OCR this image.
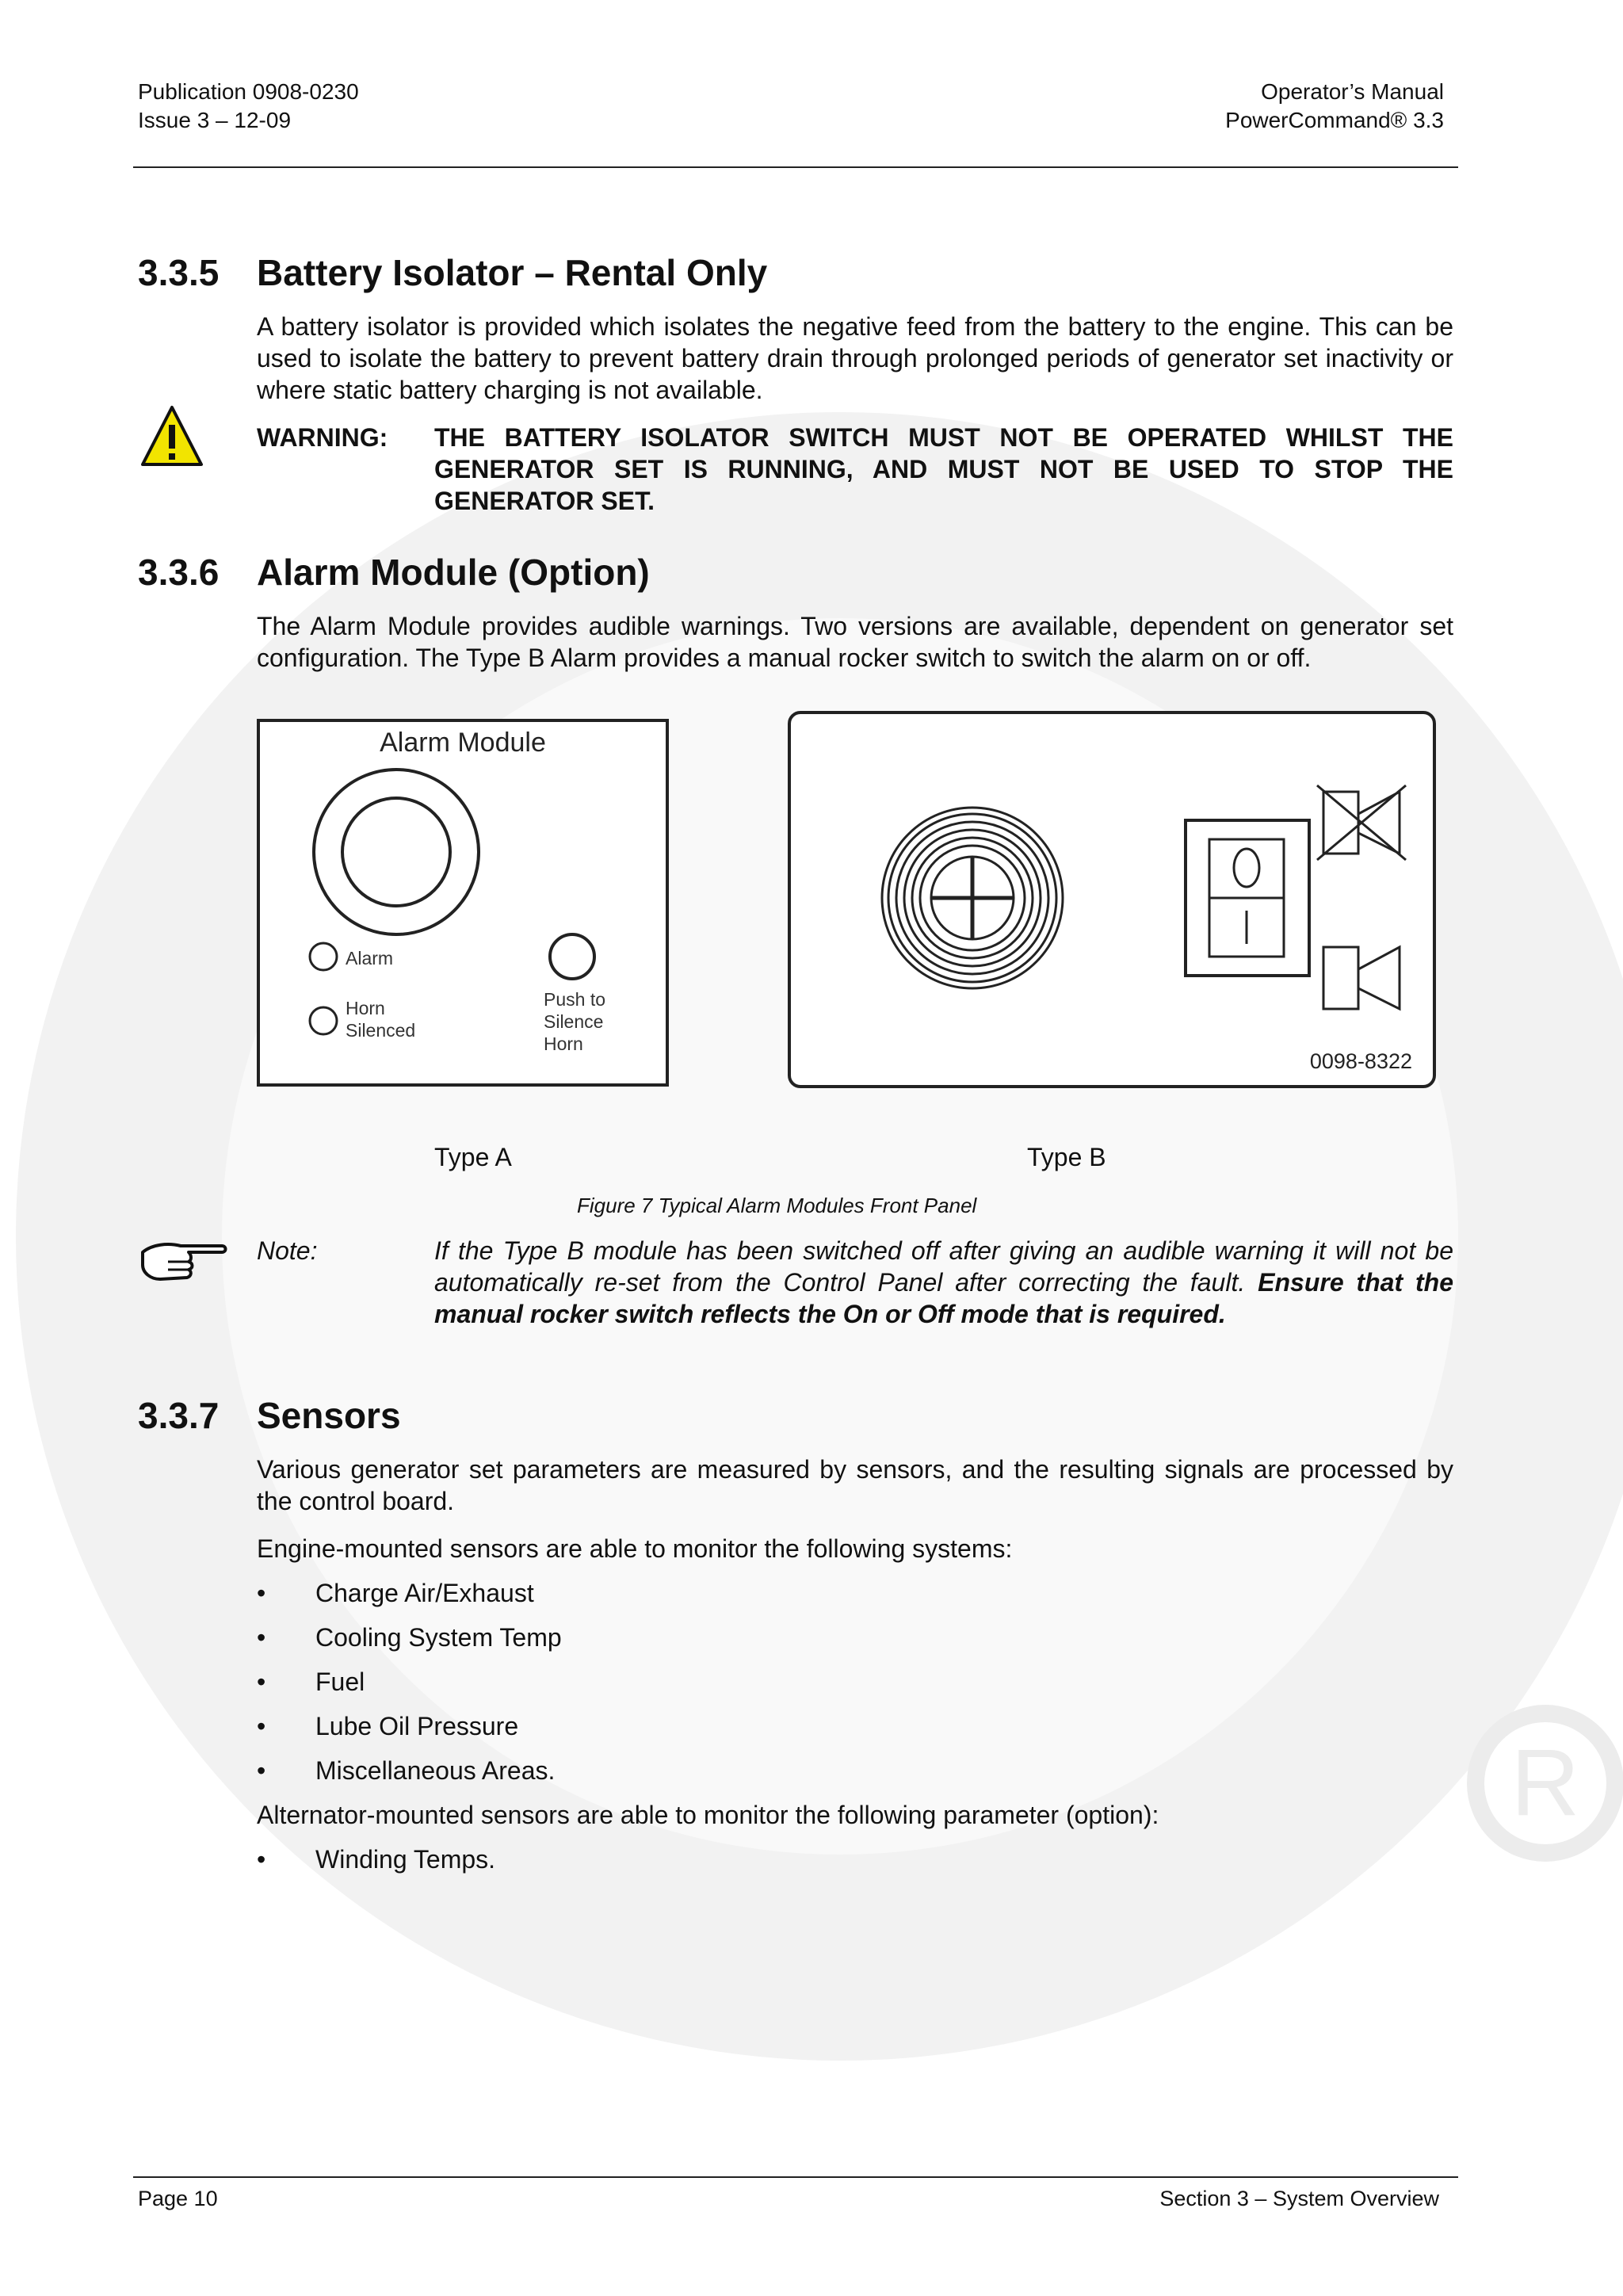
R
Publication 0908-0230
Issue 3 – 12-09
Operator’s Manual
PowerCommand® 3.3
3.3.5 Battery Isolator – Rental Only

A battery isolator is provided which isolates the negative feed from the battery to the engine. This can be used to isolate the battery to prevent battery drain through prolonged periods of generator set inactivity or where static battery charging is not available.

WARNING:	THE BATTERY ISOLATOR SWITCH MUST NOT BE OPERATED WHILST THE GENERATOR SET IS RUNNING, AND MUST NOT BE USED TO STOP THE GENERATOR SET.
3.3.6 Alarm Module (Option)

The Alarm Module provides audible warnings. Two versions are available, dependent on generator set configuration. The Type B Alarm provides a manual rocker switch to switch the alarm on or off.

Alarm Module
Alarm
Horn
Silenced
Push to
Silence
Horn
0098-8322
Type A	Type B
Figure 7 Typical Alarm Modules Front Panel
Note:	If the Type B module has been switched off after giving an audible warning it will not be automatically re-set from the Control Panel after correcting the fault. Ensure that the manual rocker switch reflects the On or Off mode that is required.
3.3.7 Sensors

Various generator set parameters are measured by sensors, and the resulting signals are processed by the control board.

Engine-mounted sensors are able to monitor the following systems:

• Charge Air/Exhaust
• Cooling System Temp
• Fuel
• Lube Oil Pressure
• Miscellaneous Areas.

Alternator-mounted sensors are able to monitor the following parameter (option):

• Winding Temps.
Page 10	Section 3 – System Overview
